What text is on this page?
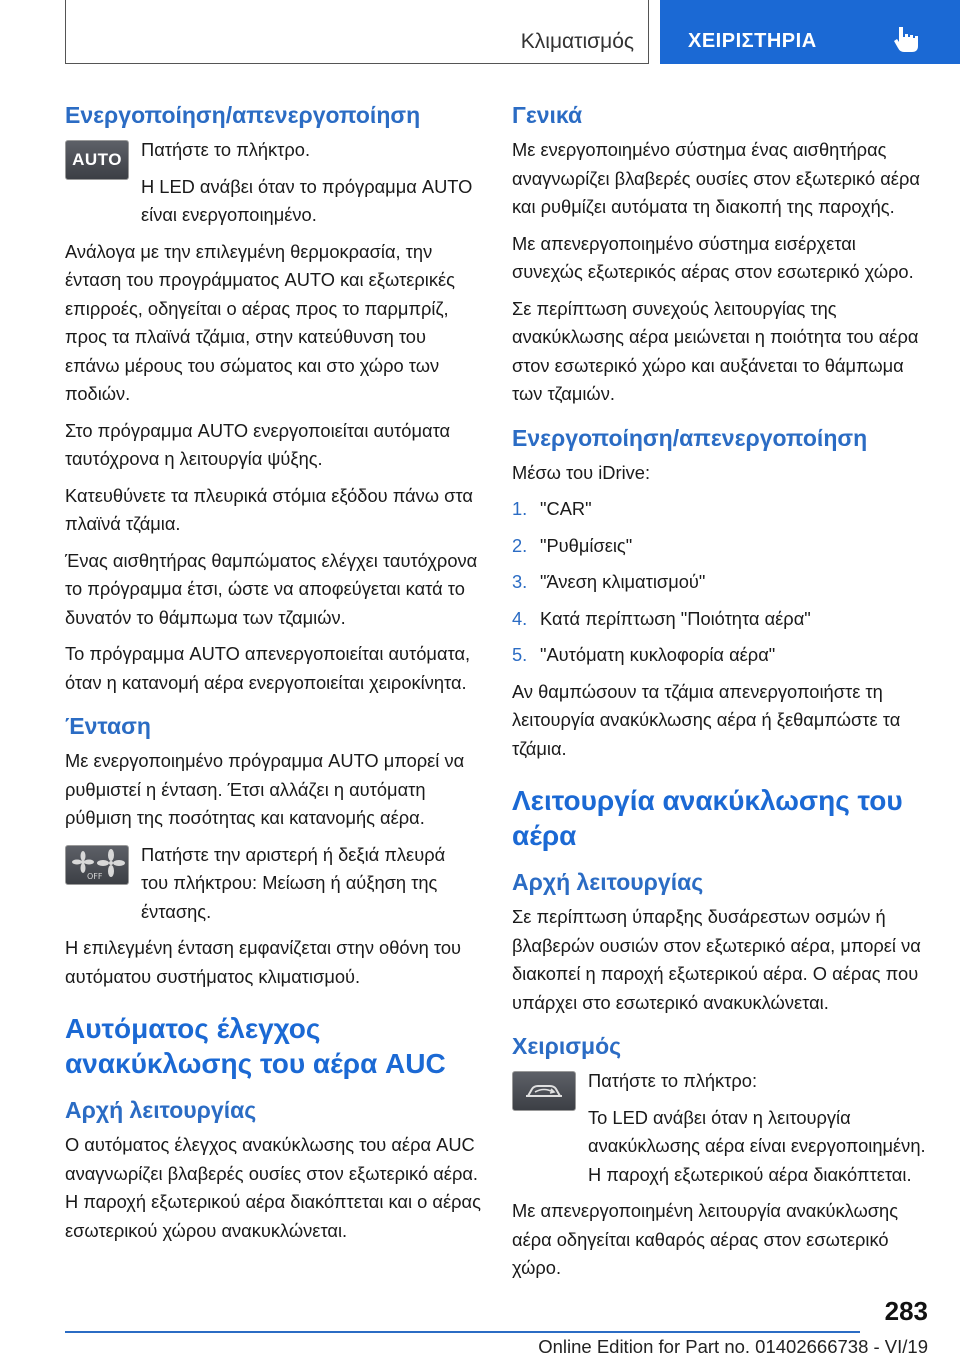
Κλιματισμός	ΧΕΙΡΙΣΤΗΡΙΑ
Ενεργοποίηση/απενεργοποίηση
AUTO	Πατήστε το πλήκτρο.

Η LED ανάβει όταν το πρόγραμμα AUTO είναι ενεργοποιημένο.

Ανάλογα με την επιλεγμένη θερμοκρασία, την ένταση του προγράμματος AUTO και εξωτερικές επιρροές, οδηγείται ο αέρας προς το παρμπρίζ, προς τα πλαϊνά τζάμια, στην κατεύθυνση του επάνω μέρους του σώματος και στο χώρο των ποδιών.

Στο πρόγραμμα AUTO ενεργοποιείται αυτόματα ταυτόχρονα η λειτουργία ψύξης.

Κατευθύνετε τα πλευρικά στόμια εξόδου πάνω στα πλαϊνά τζάμια.

Ένας αισθητήρας θαμπώματος ελέγχει ταυτόχρονα το πρόγραμμα έτσι, ώστε να αποφεύγεται κατά το δυνατόν το θάμπωμα των τζαμιών.

Το πρόγραμμα AUTO απενεργοποιείται αυτόματα, όταν η κατανομή αέρα ενεργοποιείται χειροκίνητα.

Ένταση

Με ενεργοποιημένο πρόγραμμα AUTO μπορεί να ρυθμιστεί η ένταση. Έτσι αλλάζει η αυτόματη ρύθμιση της ποσότητας και κατανομής αέρα.

OFF

Πατήστε την αριστερή ή δεξιά πλευρά

του πλήκτρου: Μείωση ή αύξηση της έντασης.

Η επιλεγμένη ένταση εμφανίζεται στην οθόνη του αυτόματου συστήματος κλιματισμού.

Αυτόματος έλεγχος ανακύκλωσης του αέρα AUC
Αρχή λειτουργίας

Ο αυτόματος έλεγχος ανακύκλωσης του αέρα AUC αναγνωρίζει βλαβερές ουσίες στον εξωτερικό αέρα. Η παροχή εξωτερικού αέρα διακόπτεται και ο αέρας εσωτερικού χώρου ανακυκλώνεται.

Γενικά

Με ενεργοποιημένο σύστημα ένας αισθητήρας αναγνωρίζει βλαβερές ουσίες στον εξωτερικό αέρα και ρυθμίζει αυτόματα τη διακοπή της παροχής.

Με απενεργοποιημένο σύστημα εισέρχεται συνεχώς εξωτερικός αέρας στον εσωτερικό χώρο.

Σε περίπτωση συνεχούς λειτουργίας της ανακύκλωσης αέρα μειώνεται η ποιότητα του αέρα στον εσωτερικό χώρο και αυξάνεται το θάμπωμα των τζαμιών.

Ενεργοποίηση/απενεργοποίηση

Μέσω του iDrive:

1. "CAR"
2. "Ρυθμίσεις"
3. "Άνεση κλιματισμού"
4. Κατά περίπτωση "Ποιότητα αέρα"
5. "Αυτόματη κυκλοφορία αέρα"

Αν θαμπώσουν τα τζάμια απενεργοποιήστε τη λειτουργία ανακύκλωσης αέρα ή ξεθαμπώστε τα τζάμια.

Λειτουργία ανακύκλωσης του αέρα
Αρχή λειτουργίας

Σε περίπτωση ύπαρξης δυσάρεστων οσμών ή βλαβερών ουσιών στον εξωτερικό αέρα, μπορεί να διακοπεί η παροχή εξωτερικού αέρα. Ο αέρας που υπάρχει στο εσωτερικό ανακυκλώνεται.

Χειρισμός

Πατήστε το πλήκτρο:

Το LED ανάβει όταν η λειτουργία ανακύκλωσης αέρα είναι ενεργοποιημένη. Η παροχή εξωτερικού αέρα διακόπτεται.

Με απενεργοποιημένη λειτουργία ανακύκλωσης αέρα οδηγείται καθαρός αέρας στον εσωτερικό χώρο.

283
Online Edition for Part no. 01402666738 - VI/19
